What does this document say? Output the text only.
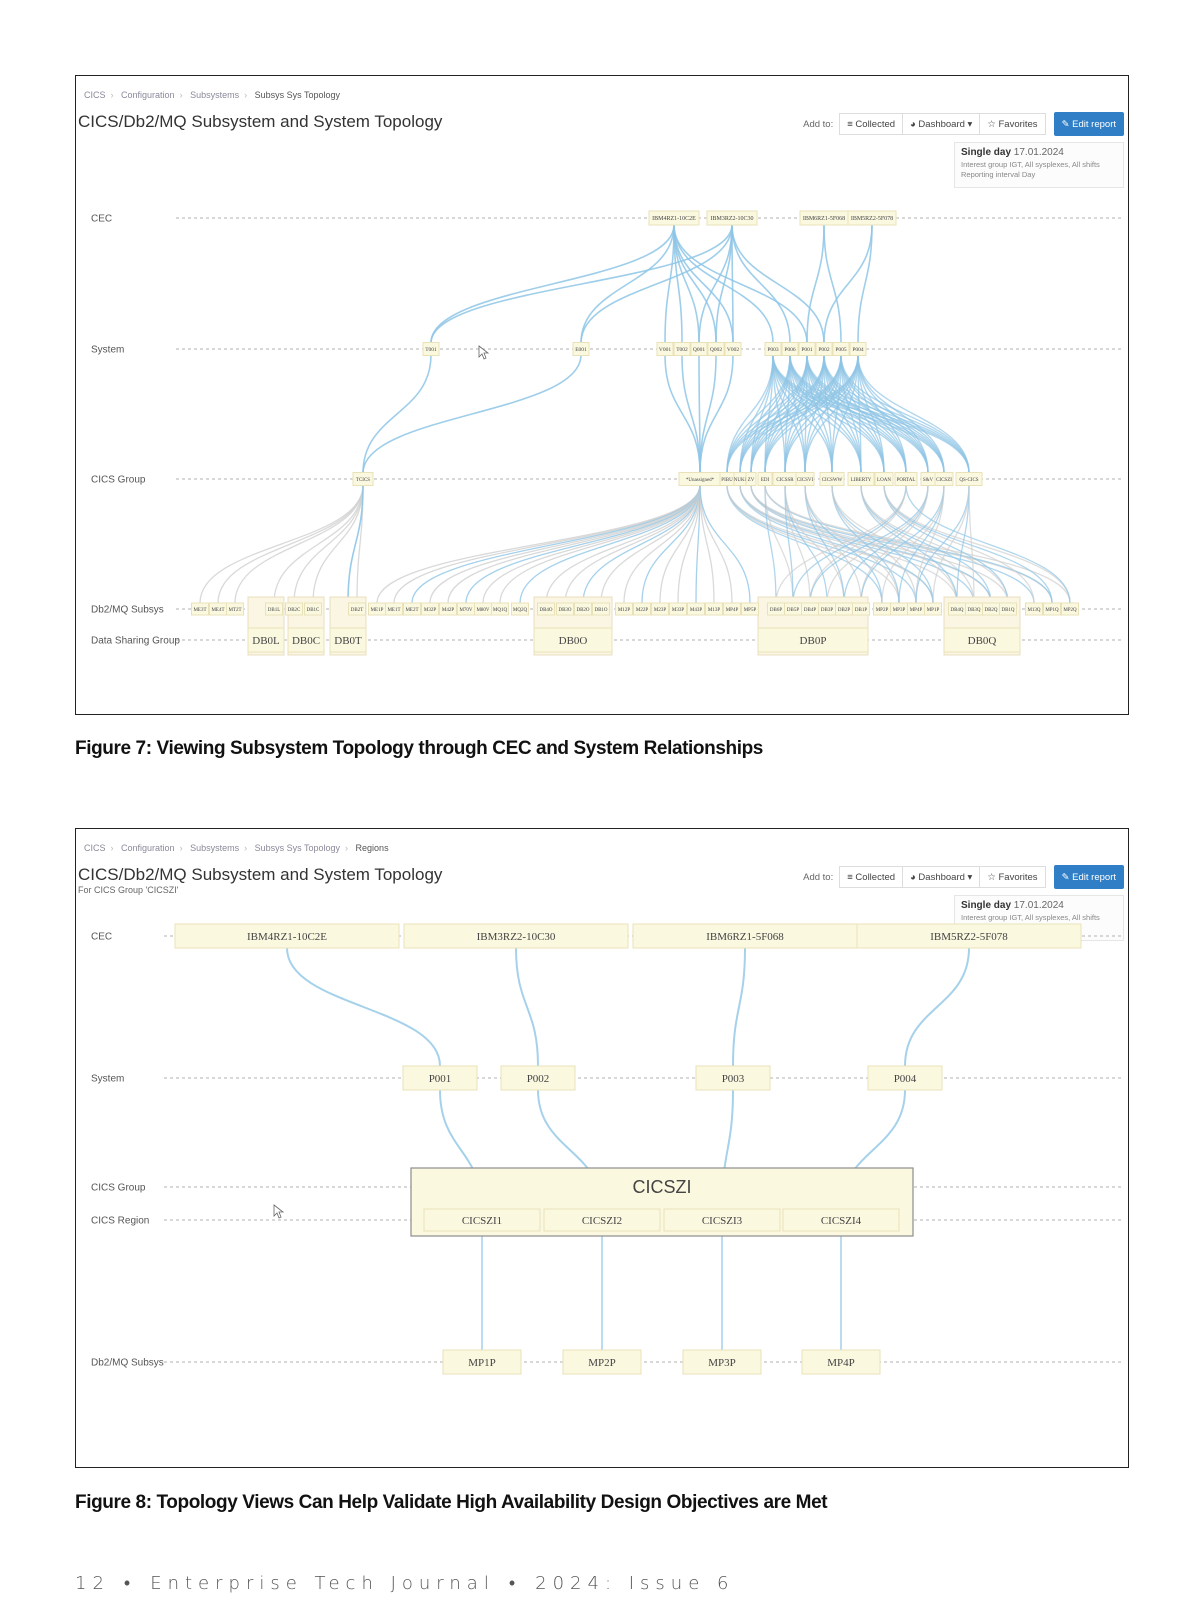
CICS › Configuration › Subsystems › Subsys Sys Topology
CICS/Db2/MQ Subsystem and System Topology	Add to: ≡ Collected ◕ Dashboard ▾ ☆ Favorites	✎ Edit report
Single day 17.01.2024
Interest group IGT, All sysplexes, All shifts
Reporting interval Day
CEC
System
CICS Group
Db2/MQ Subsys
Data Sharing Group
IBM4RZ1-10C2E IBM3RZ2-10C30	IBM6RZ1-5F068 IBM5RZ2-5F078
T001	E001	V001 T002 Q001 Q002 V002	P003 P006 P001 P002 P005 P004
TCICS	*Unassigned* PIBU NUKI ZV EDI CICSSR CICSVI CICSWW LIBERTY LOAN PORTAL S&V CICSZI QS-CICS
ME3T ME4T MT2T	DB1L DB2C DB1C	DB2T ME1P ME1T ME2T M32P M42P M70V M80V MQ1Q MQ2Q DB4O DB3O DB2O DB1O M12P M22P M23P M33P M43P M13P MP4P MP5P	DB6P DB5P DB4P DB3P DB2P DB1P MP2P MP3P MP4P MP1P DB4Q DB3Q DB2Q DB1Q	M13Q MP1Q MP2Q
DB0L DB0C DB0T	DB0O	DB0P	DB0Q
Figure 7: Viewing Subsystem Topology through CEC and System Relationships
CICS › Configuration › Subsystems › Subsys Sys Topology › Regions
CICS/Db2/MQ Subsystem and System Topology
For CICS Group 'CICSZI'
Add to: ≡ Collected ◕ Dashboard ▾ ☆ Favorites	✎ Edit report
Single day 17.01.2024
Interest group IGT, All sysplexes, All shifts
CEC
System
CICS Group
CICS Region
Db2/MQ Subsys
IBM4RZ1-10C2E	IBM3RZ2-10C30	IBM6RZ1-5F068	IBM5RZ2-5F078
P001	P002	P003	P004
CICSZI
CICSZI1	CICSZI2	CICSZI3	CICSZI4
MP1P	MP2P	MP3P	MP4P
Figure 8: Topology Views Can Help Validate High Availability Design Objectives are Met
12 • Enterprise Tech Journal • 2024: Issue 6
